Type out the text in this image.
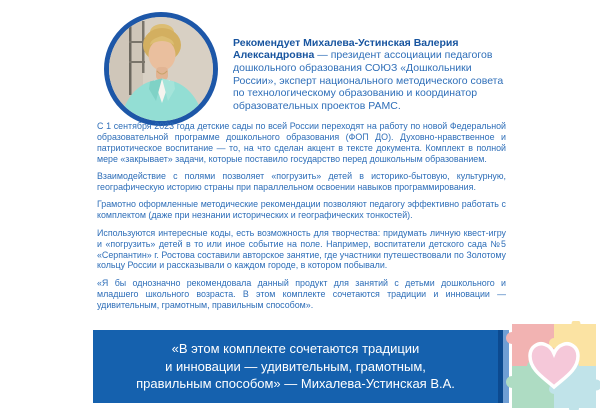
Рекомендует Михалева-Устинская Валерия Александровна — президент ассоциации педагогов дошкольного образования СОЮЗ «Дошкольники России», эксперт национального методического совета по технологическому образованию и координатор образовательных проектов РАМС.

С 1 сентября 2023 года детские сады по всей России переходят на работу по новой Федеральной образовательной программе дошкольного образования (ФОП ДО). Духовно-нравственное и патриотическое воспитание — то, на что сделан акцент в тексте документа. Комплект в полной мере «закрывает» задачи, которые поставило государство перед дошкольным образованием.

Взаимодействие с полями позволяет «погрузить» детей в историко-бытовую, культурную, географическую историю страны при параллельном освоении навыков программирования.

Грамотно оформленные методические рекомендации позволяют педагогу эффективно работать с комплектом (даже при незнании исторических и географических тонкостей).

Используются интересные коды, есть возможность для творчества: придумать личную квест-игру и «погрузить» детей в то или иное событие на поле. Например, воспитатели детского сада №5 «Серпантин» г. Ростова составили авторское занятие, где участники путешествовали по Золотому кольцу России и рассказывали о каждом городе, в котором побывали.

«Я бы однозначно рекомендовала данный продукт для занятий с детьми дошкольного и младшего школьного возраста. В этом комплекте сочетаются традиции и инновации — удивительным, грамотным, правильным способом».

«В этом комплекте сочетаются традиции
и инновации — удивительным, грамотным,
правильным способом» — Михалева-Устинская В.А.
